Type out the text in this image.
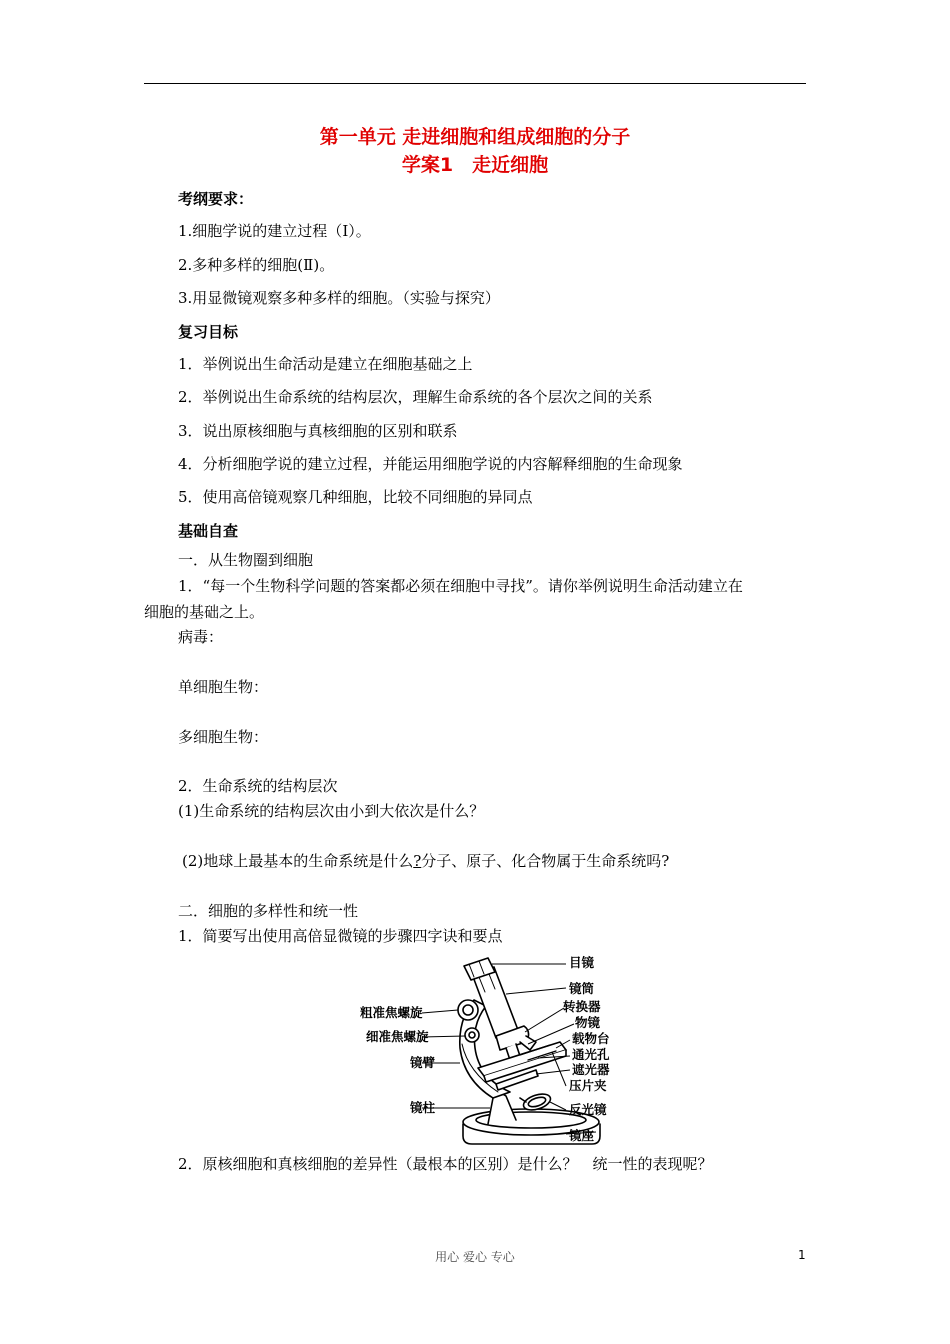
第一单元 走进细胞和组成细胞的分子
学案1　走近细胞
考纲要求：
1.细胞学说的建立过程（Ⅰ）。
2.多种多样的细胞(Ⅱ)。
3.用显微镜观察多种多样的细胞。（实验与探究）
复习目标
1．举例说出生命活动是建立在细胞基础之上
2．举例说出生命系统的结构层次，理解生命系统的各个层次之间的关系
3．说出原核细胞与真核细胞的区别和联系
4．分析细胞学说的建立过程，并能运用细胞学说的内容解释细胞的生命现象
5．使用高倍镜观察几种细胞，比较不同细胞的异同点
基础自查
一．从生物圈到细胞
1．“每一个生物科学问题的答案都必须在细胞中寻找”。请你举例说明生命活动建立在
细胞的基础之上。
病毒：
单细胞生物：
多细胞生物：
2．生命系统的结构层次
(1)生命系统的结构层次由小到大依次是什么？
(2)地球上最基本的生命系统是什么?分子、原子、化合物属于生命系统吗?
二．细胞的多样性和统一性
1．简要写出使用高倍显微镜的步骤四字诀和要点
目镜
镜筒
转换器
物镜
载物台
通光孔
遮光器
压片夹
反光镜
镜座
粗准焦螺旋
细准焦螺旋
镜臂
镜柱
2．原核细胞和真核细胞的差异性（最根本的区别）是什么？　统一性的表现呢？
用心 爱心 专心	1
